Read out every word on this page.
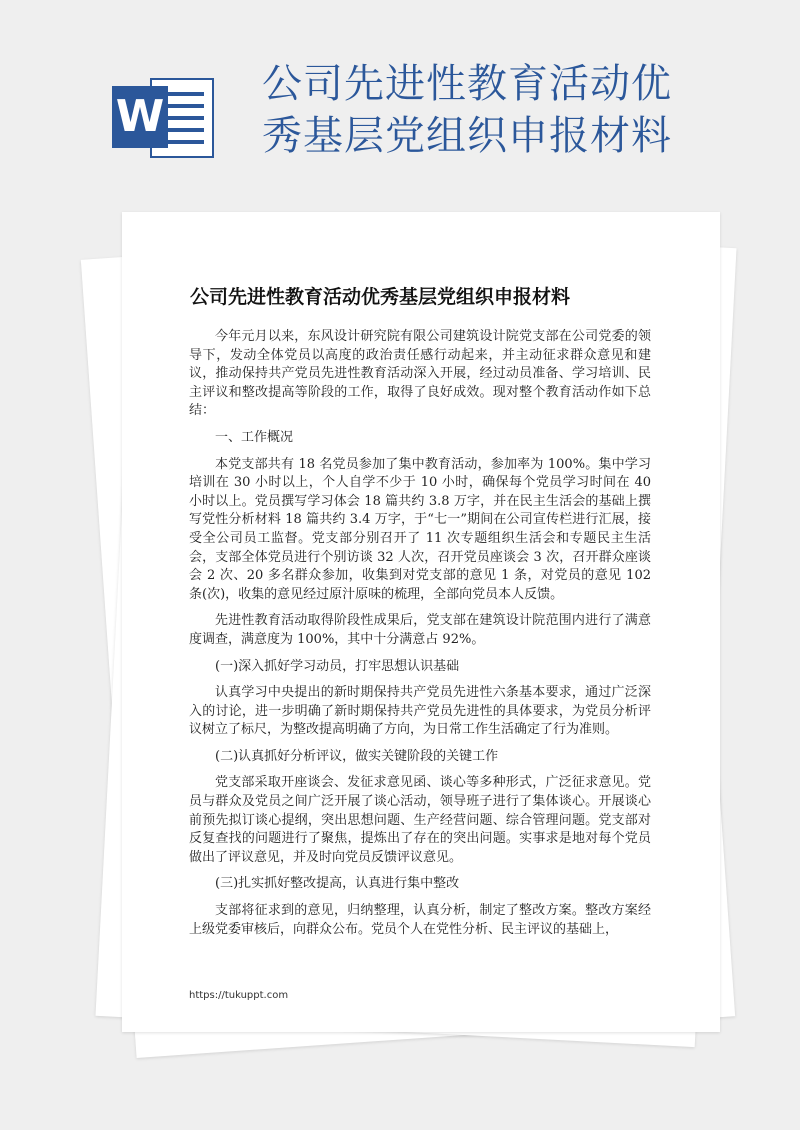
W
公司先进性教育活动优秀基层党组织申报材料
公司先进性教育活动优秀基层党组织申报材料

今年元月以来，东风设计研究院有限公司建筑设计院党支部在公司党委的领导下，发动全体党员以高度的政治责任感行动起来，并主动征求群众意见和建议，推动保持共产党员先进性教育活动深入开展，经过动员准备、学习培训、民主评议和整改提高等阶段的工作，取得了良好成效。现对整个教育活动作如下总结：

一、工作概况

本党支部共有 18 名党员参加了集中教育活动，参加率为 100%。集中学习培训在 30 小时以上，个人自学不少于 10 小时，确保每个党员学习时间在 40 小时以上。党员撰写学习体会 18 篇共约 3.8 万字，并在民主生活会的基础上撰写党性分析材料 18 篇共约 3.4 万字，于“七一”期间在公司宣传栏进行汇展，接受全公司员工监督。党支部分别召开了 11 次专题组织生活会和专题民主生活会，支部全体党员进行个别访谈 32 人次，召开党员座谈会 3 次，召开群众座谈会 2 次、20 多名群众参加，收集到对党支部的意见 1 条，对党员的意见 102 条(次)，收集的意见经过原汁原味的梳理，全部向党员本人反馈。

先进性教育活动取得阶段性成果后，党支部在建筑设计院范围内进行了满意度调查，满意度为 100%，其中十分满意占 92%。

(一)深入抓好学习动员，打牢思想认识基础

认真学习中央提出的新时期保持共产党员先进性六条基本要求，通过广泛深入的讨论，进一步明确了新时期保持共产党员先进性的具体要求，为党员分析评议树立了标尺，为整改提高明确了方向，为日常工作生活确定了行为准则。

(二)认真抓好分析评议，做实关键阶段的关键工作

党支部采取开座谈会、发征求意见函、谈心等多种形式，广泛征求意见。党员与群众及党员之间广泛开展了谈心活动，领导班子进行了集体谈心。开展谈心前预先拟订谈心提纲，突出思想问题、生产经营问题、综合管理问题。党支部对反复查找的问题进行了聚焦，提炼出了存在的突出问题。实事求是地对每个党员做出了评议意见，并及时向党员反馈评议意见。

(三)扎实抓好整改提高，认真进行集中整改

支部将征求到的意见，归纳整理，认真分析，制定了整改方案。整改方案经上级党委审核后，向群众公布。党员个人在党性分析、民主评议的基础上，

https://tukuppt.com
